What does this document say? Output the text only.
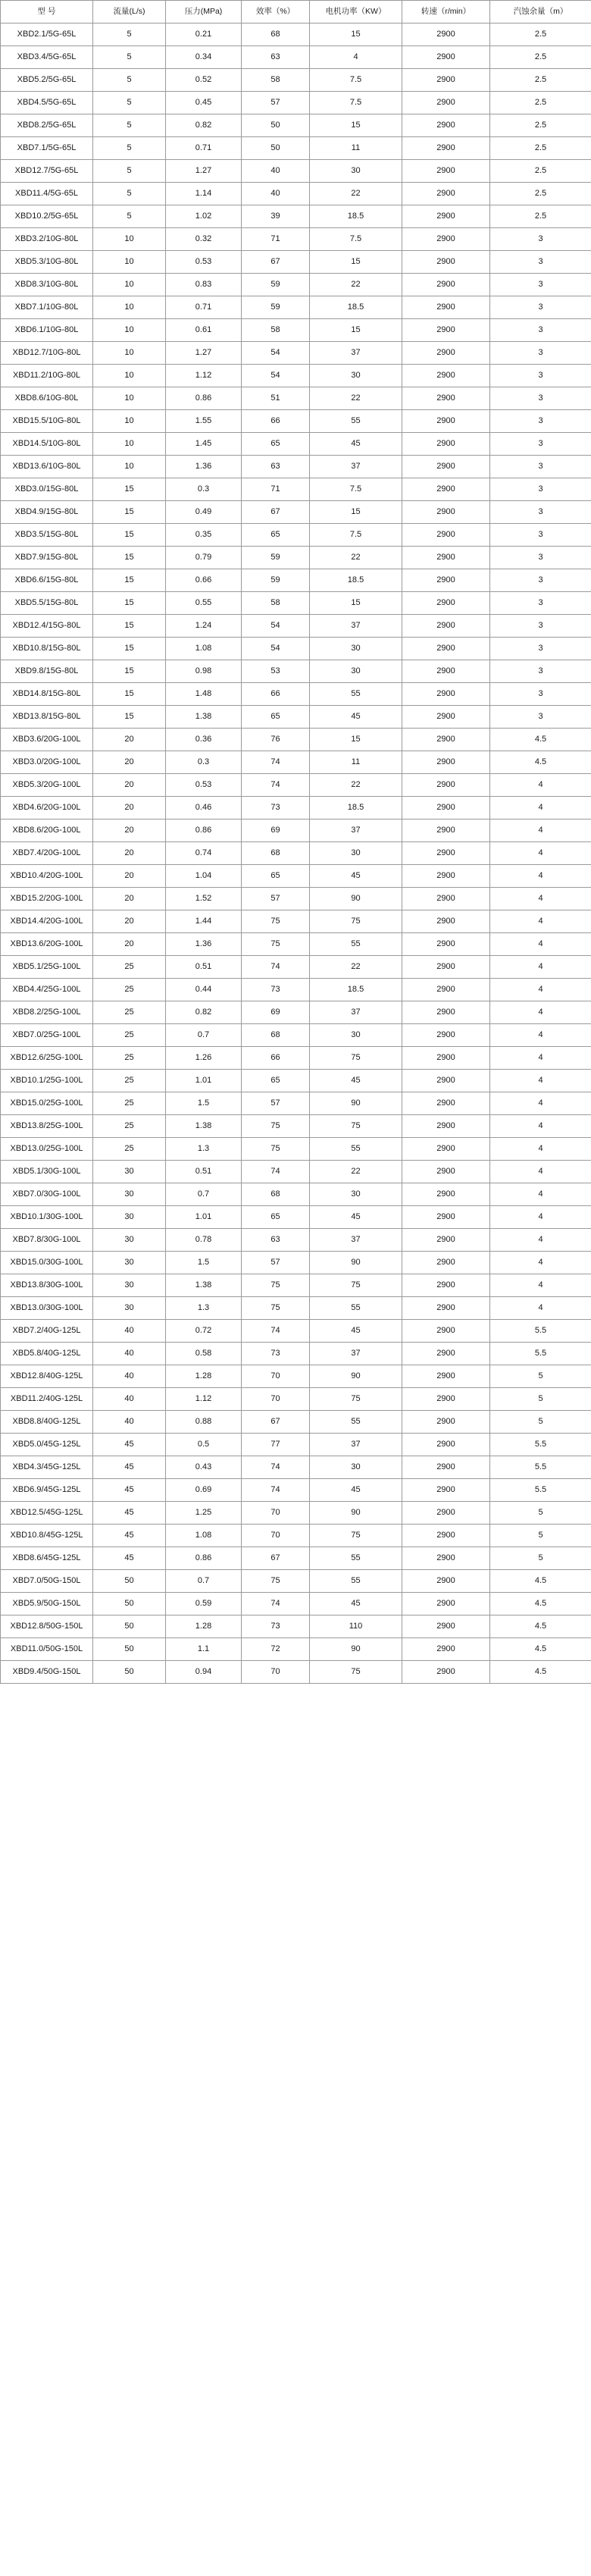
型 号	流量(L/s)	压力(MPa)	效率（%）	电机功率（KW）	转速（r/min）	汽蚀余量（m）
XBD2.1/5G-65L	5	0.21	68	15	2900	2.5
XBD3.4/5G-65L	5	0.34	63	4	2900	2.5
XBD5.2/5G-65L	5	0.52	58	7.5	2900	2.5
XBD4.5/5G-65L	5	0.45	57	7.5	2900	2.5
XBD8.2/5G-65L	5	0.82	50	15	2900	2.5
XBD7.1/5G-65L	5	0.71	50	11	2900	2.5
XBD12.7/5G-65L	5	1.27	40	30	2900	2.5
XBD11.4/5G-65L	5	1.14	40	22	2900	2.5
XBD10.2/5G-65L	5	1.02	39	18.5	2900	2.5
XBD3.2/10G-80L	10	0.32	71	7.5	2900	3
XBD5.3/10G-80L	10	0.53	67	15	2900	3
XBD8.3/10G-80L	10	0.83	59	22	2900	3
XBD7.1/10G-80L	10	0.71	59	18.5	2900	3
XBD6.1/10G-80L	10	0.61	58	15	2900	3
XBD12.7/10G-80L	10	1.27	54	37	2900	3
XBD11.2/10G-80L	10	1.12	54	30	2900	3
XBD8.6/10G-80L	10	0.86	51	22	2900	3
XBD15.5/10G-80L	10	1.55	66	55	2900	3
XBD14.5/10G-80L	10	1.45	65	45	2900	3
XBD13.6/10G-80L	10	1.36	63	37	2900	3
XBD3.0/15G-80L	15	0.3	71	7.5	2900	3
XBD4.9/15G-80L	15	0.49	67	15	2900	3
XBD3.5/15G-80L	15	0.35	65	7.5	2900	3
XBD7.9/15G-80L	15	0.79	59	22	2900	3
XBD6.6/15G-80L	15	0.66	59	18.5	2900	3
XBD5.5/15G-80L	15	0.55	58	15	2900	3
XBD12.4/15G-80L	15	1.24	54	37	2900	3
XBD10.8/15G-80L	15	1.08	54	30	2900	3
XBD9.8/15G-80L	15	0.98	53	30	2900	3
XBD14.8/15G-80L	15	1.48	66	55	2900	3
XBD13.8/15G-80L	15	1.38	65	45	2900	3
XBD3.6/20G-100L	20	0.36	76	15	2900	4.5
XBD3.0/20G-100L	20	0.3	74	11	2900	4.5
XBD5.3/20G-100L	20	0.53	74	22	2900	4
XBD4.6/20G-100L	20	0.46	73	18.5	2900	4
XBD8.6/20G-100L	20	0.86	69	37	2900	4
XBD7.4/20G-100L	20	0.74	68	30	2900	4
XBD10.4/20G-100L	20	1.04	65	45	2900	4
XBD15.2/20G-100L	20	1.52	57	90	2900	4
XBD14.4/20G-100L	20	1.44	75	75	2900	4
XBD13.6/20G-100L	20	1.36	75	55	2900	4
XBD5.1/25G-100L	25	0.51	74	22	2900	4
XBD4.4/25G-100L	25	0.44	73	18.5	2900	4
XBD8.2/25G-100L	25	0.82	69	37	2900	4
XBD7.0/25G-100L	25	0.7	68	30	2900	4
XBD12.6/25G-100L	25	1.26	66	75	2900	4
XBD10.1/25G-100L	25	1.01	65	45	2900	4
XBD15.0/25G-100L	25	1.5	57	90	2900	4
XBD13.8/25G-100L	25	1.38	75	75	2900	4
XBD13.0/25G-100L	25	1.3	75	55	2900	4
XBD5.1/30G-100L	30	0.51	74	22	2900	4
XBD7.0/30G-100L	30	0.7	68	30	2900	4
XBD10.1/30G-100L	30	1.01	65	45	2900	4
XBD7.8/30G-100L	30	0.78	63	37	2900	4
XBD15.0/30G-100L	30	1.5	57	90	2900	4
XBD13.8/30G-100L	30	1.38	75	75	2900	4
XBD13.0/30G-100L	30	1.3	75	55	2900	4
XBD7.2/40G-125L	40	0.72	74	45	2900	5.5
XBD5.8/40G-125L	40	0.58	73	37	2900	5.5
XBD12.8/40G-125L	40	1.28	70	90	2900	5
XBD11.2/40G-125L	40	1.12	70	75	2900	5
XBD8.8/40G-125L	40	0.88	67	55	2900	5
XBD5.0/45G-125L	45	0.5	77	37	2900	5.5
XBD4.3/45G-125L	45	0.43	74	30	2900	5.5
XBD6.9/45G-125L	45	0.69	74	45	2900	5.5
XBD12.5/45G-125L	45	1.25	70	90	2900	5
XBD10.8/45G-125L	45	1.08	70	75	2900	5
XBD8.6/45G-125L	45	0.86	67	55	2900	5
XBD7.0/50G-150L	50	0.7	75	55	2900	4.5
XBD5.9/50G-150L	50	0.59	74	45	2900	4.5
XBD12.8/50G-150L	50	1.28	73	110	2900	4.5
XBD11.0/50G-150L	50	1.1	72	90	2900	4.5
XBD9.4/50G-150L	50	0.94	70	75	2900	4.5
